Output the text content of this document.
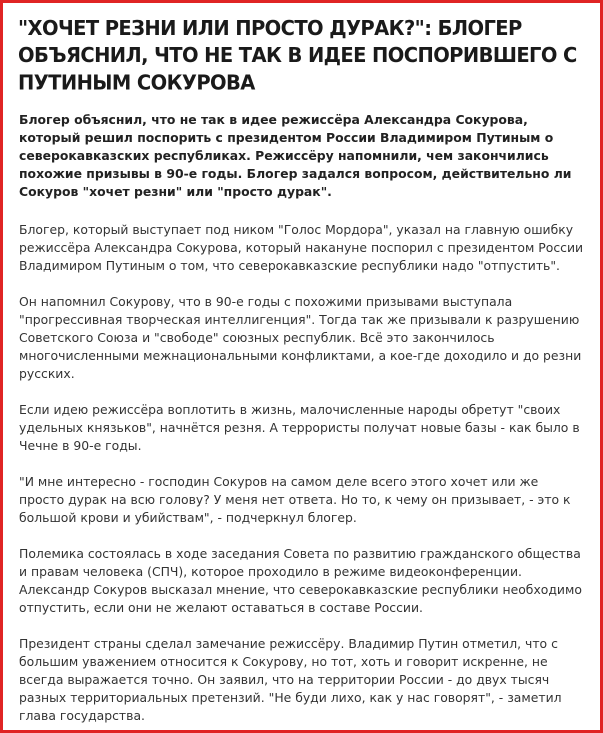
"ХОЧЕТ РЕЗНИ ИЛИ ПРОСТО ДУРАК?": БЛОГЕР ОБЪЯСНИЛ, ЧТО НЕ ТАК В ИДЕЕ ПОСПОРИВШЕГО С ПУТИНЫМ СОКУРОВА

Блогер объяснил, что не так в идее режиссёра Александра Сокурова, который решил поспорить с президентом России Владимиром Путиным о северокавказских республиках. Режиссёру напомнили, чем закончились похожие призывы в 90-е годы. Блогер задался вопросом, действительно ли Сокуров "хочет резни" или "просто дурак".

Блогер, который выступает под ником "Голос Мордора", указал на главную ошибку режиссёра Александра Сокурова, который накануне поспорил с президентом России Владимиром Путиным о том, что северокавказские республики надо "отпустить".

Он напомнил Сокурову, что в 90-е годы с похожими призывами выступала "прогрессивная творческая интеллигенция". Тогда так же призывали к разрушению Советского Союза и "свободе" союзных республик. Всё это закончилось многочисленными межнациональными конфликтами, а кое-где доходило и до резни русских.

Если идею режиссёра воплотить в жизнь, малочисленные народы обретут "своих удельных князьков", начнётся резня. А террористы получат новые базы - как было в Чечне в 90-е годы.

"И мне интересно - господин Сокуров на самом деле всего этого хочет или же просто дурак на всю голову? У меня нет ответа. Но то, к чему он призывает, - это к большой крови и убийствам", - подчеркнул блогер.

Полемика состоялась в ходе заседания Совета по развитию гражданского общества и правам человека (СПЧ), которое проходило в режиме видеоконференции. Александр Сокуров высказал мнение, что северокавказские республики необходимо отпустить, если они не желают оставаться в составе России.

Президент страны сделал замечание режиссёру. Владимир Путин отметил, что с большим уважением относится к Сокурову, но тот, хоть и говорит искренне, не всегда выражается точно. Он заявил, что на территории России - до двух тысяч разных территориальных претензий. "Не буди лихо, как у нас говорят", - заметил глава государства.
